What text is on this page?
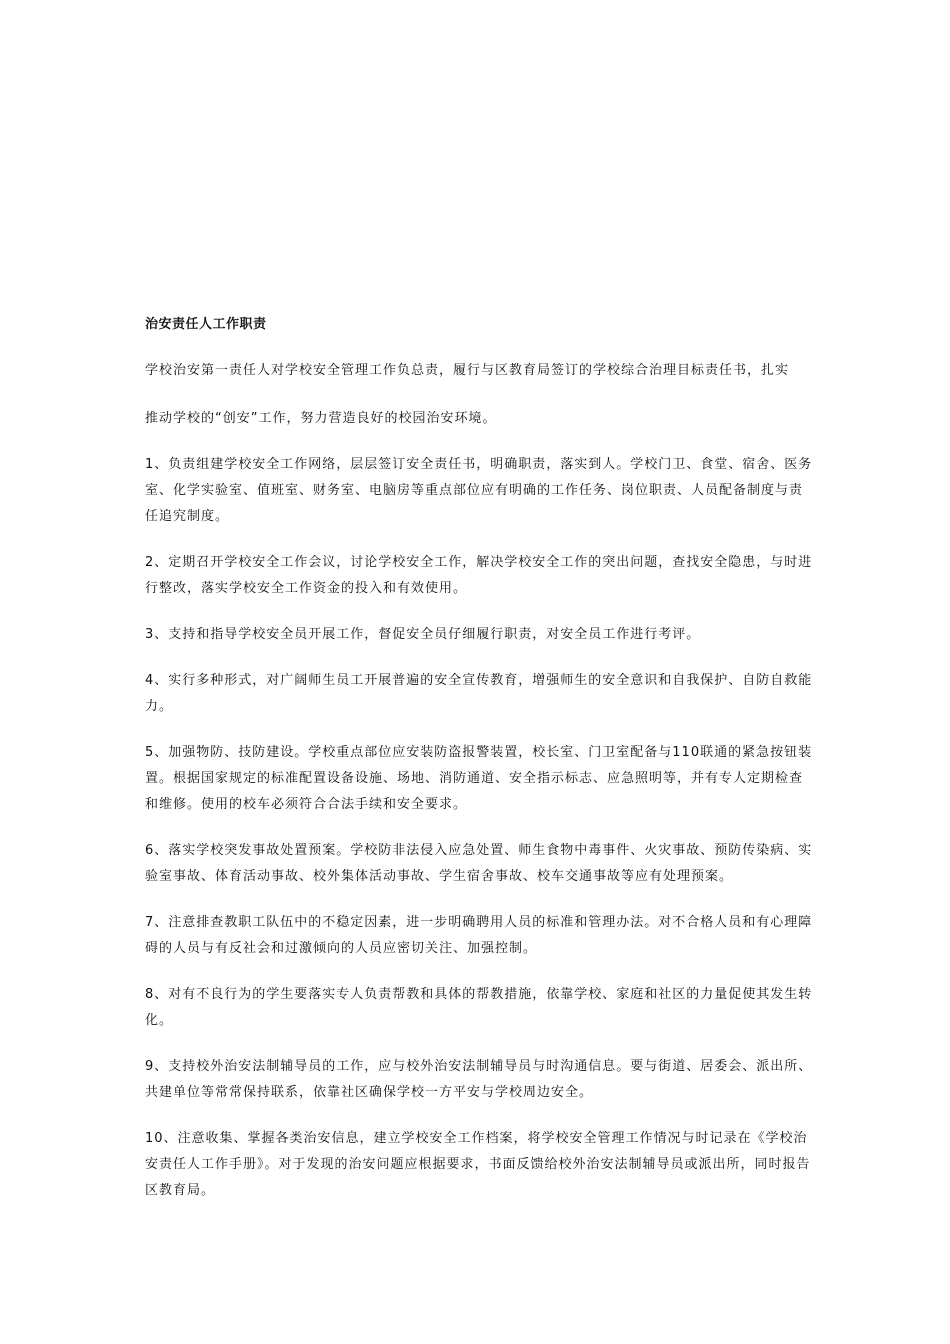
治安责任人工作职责

学校治安第一责任人对学校安全管理工作负总责，履行与区教育局签订的学校综合治理目标责任书，扎实

推动学校的“创安”工作，努力营造良好的校园治安环境。

1、负责组建学校安全工作网络，层层签订安全责任书，明确职责，落实到人。学校门卫、食堂、宿舍、医务室、化学实验室、值班室、财务室、电脑房等重点部位应有明确的工作任务、岗位职责、人员配备制度与责任追究制度。

2、定期召开学校安全工作会议，讨论学校安全工作，解决学校安全工作的突出问题，查找安全隐患，与时进行整改，落实学校安全工作资金的投入和有效使用。

3、支持和指导学校安全员开展工作，督促安全员仔细履行职责，对安全员工作进行考评。

4、实行多种形式，对广阔师生员工开展普遍的安全宣传教育，增强师生的安全意识和自我保护、自防自救能力。

5、加强物防、技防建设。学校重点部位应安装防盗报警装置，校长室、门卫室配备与110联通的紧急按钮装置。根据国家规定的标准配置设备设施、场地、消防通道、安全指示标志、应急照明等，并有专人定期检查和维修。使用的校车必须符合合法手续和安全要求。

6、落实学校突发事故处置预案。学校防非法侵入应急处置、师生食物中毒事件、火灾事故、预防传染病、实验室事故、体育活动事故、校外集体活动事故、学生宿舍事故、校车交通事故等应有处理预案。

7、注意排查教职工队伍中的不稳定因素，进一步明确聘用人员的标准和管理办法。对不合格人员和有心理障碍的人员与有反社会和过激倾向的人员应密切关注、加强控制。

8、对有不良行为的学生要落实专人负责帮教和具体的帮教措施，依靠学校、家庭和社区的力量促使其发生转化。

9、支持校外治安法制辅导员的工作，应与校外治安法制辅导员与时沟通信息。要与街道、居委会、派出所、共建单位等常常保持联系，依靠社区确保学校一方平安与学校周边安全。

10、注意收集、掌握各类治安信息，建立学校安全工作档案，将学校安全管理工作情况与时记录在《学校治安责任人工作手册》。对于发现的治安问题应根据要求，书面反馈给校外治安法制辅导员或派出所，同时报告区教育局。
